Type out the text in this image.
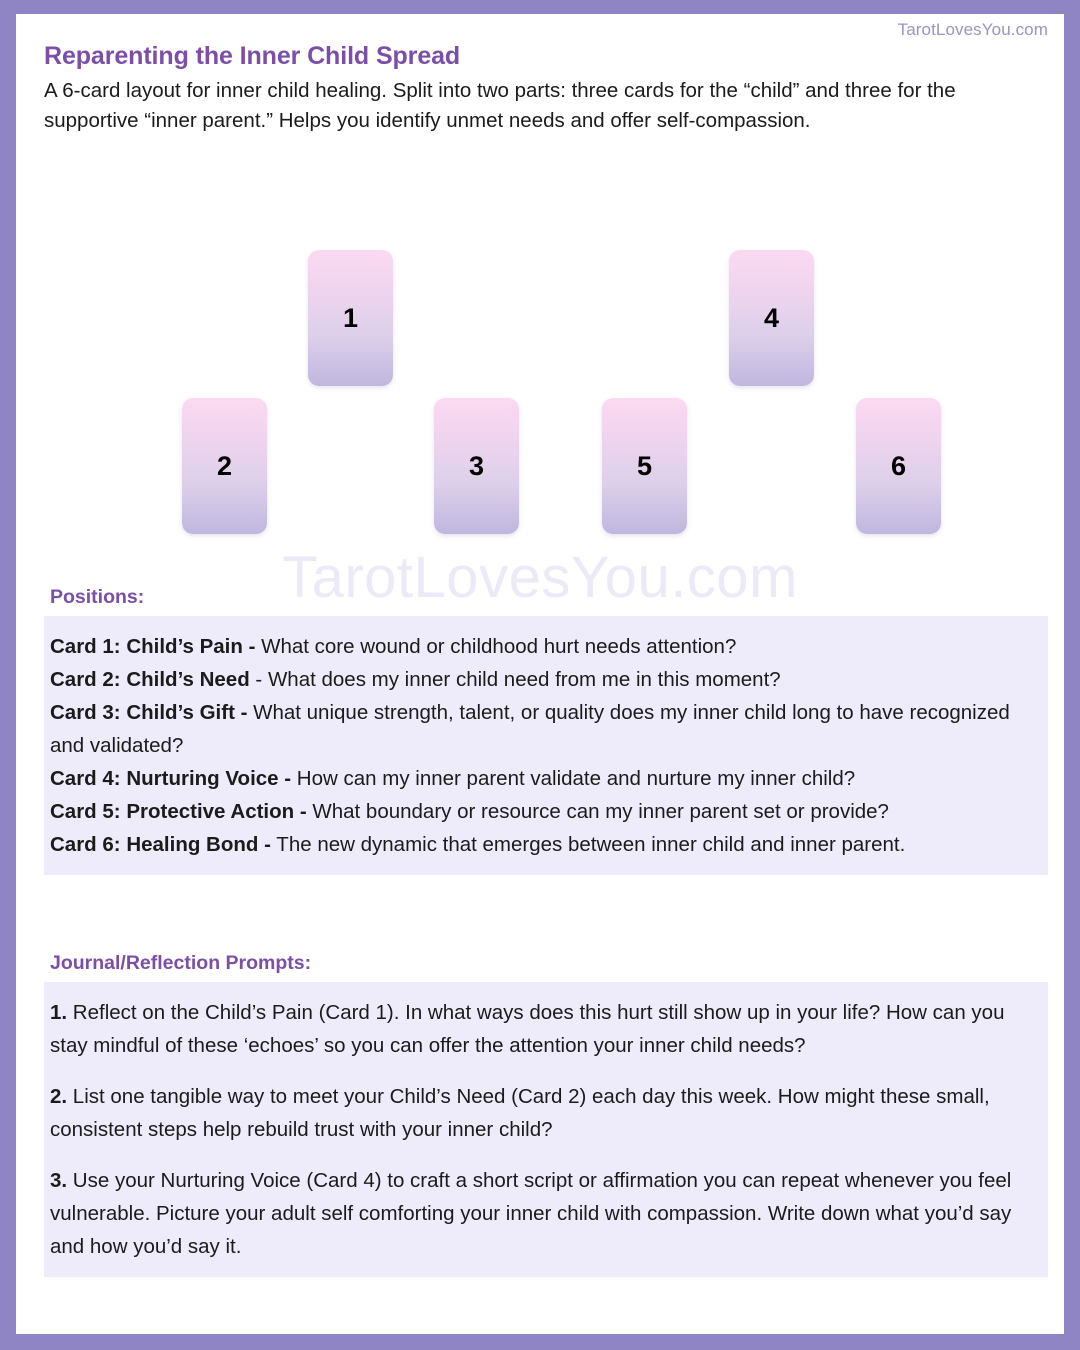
TarotLovesYou.com
Reparenting the Inner Child Spread
A 6-card layout for inner child healing. Split into two parts: three cards for the “child” and three for the supportive “inner parent.” Helps you identify unmet needs and offer self-compassion.
TarotLovesYou.com
1
2	3
4
5	6
Positions:

Card 1: Child’s Pain - What core wound or childhood hurt needs attention?

Card 2: Child’s Need - What does my inner child need from me in this moment?

Card 3: Child’s Gift - What unique strength, talent, or quality does my inner child long to have recognized and validated?

Card 4: Nurturing Voice - How can my inner parent validate and nurture my inner child?

Card 5: Protective Action - What boundary or resource can my inner parent set or provide?

Card 6: Healing Bond - The new dynamic that emerges between inner child and inner parent.

Journal/Reflection Prompts:

1. Reflect on the Child’s Pain (Card 1). In what ways does this hurt still show up in your life? How can you stay mindful of these ‘echoes’ so you can offer the attention your inner child needs?

2. List one tangible way to meet your Child’s Need (Card 2) each day this week. How might these small, consistent steps help rebuild trust with your inner child?

3. Use your Nurturing Voice (Card 4) to craft a short script or affirmation you can repeat whenever you feel vulnerable. Picture your adult self comforting your inner child with compassion. Write down what you’d say and how you’d say it.
